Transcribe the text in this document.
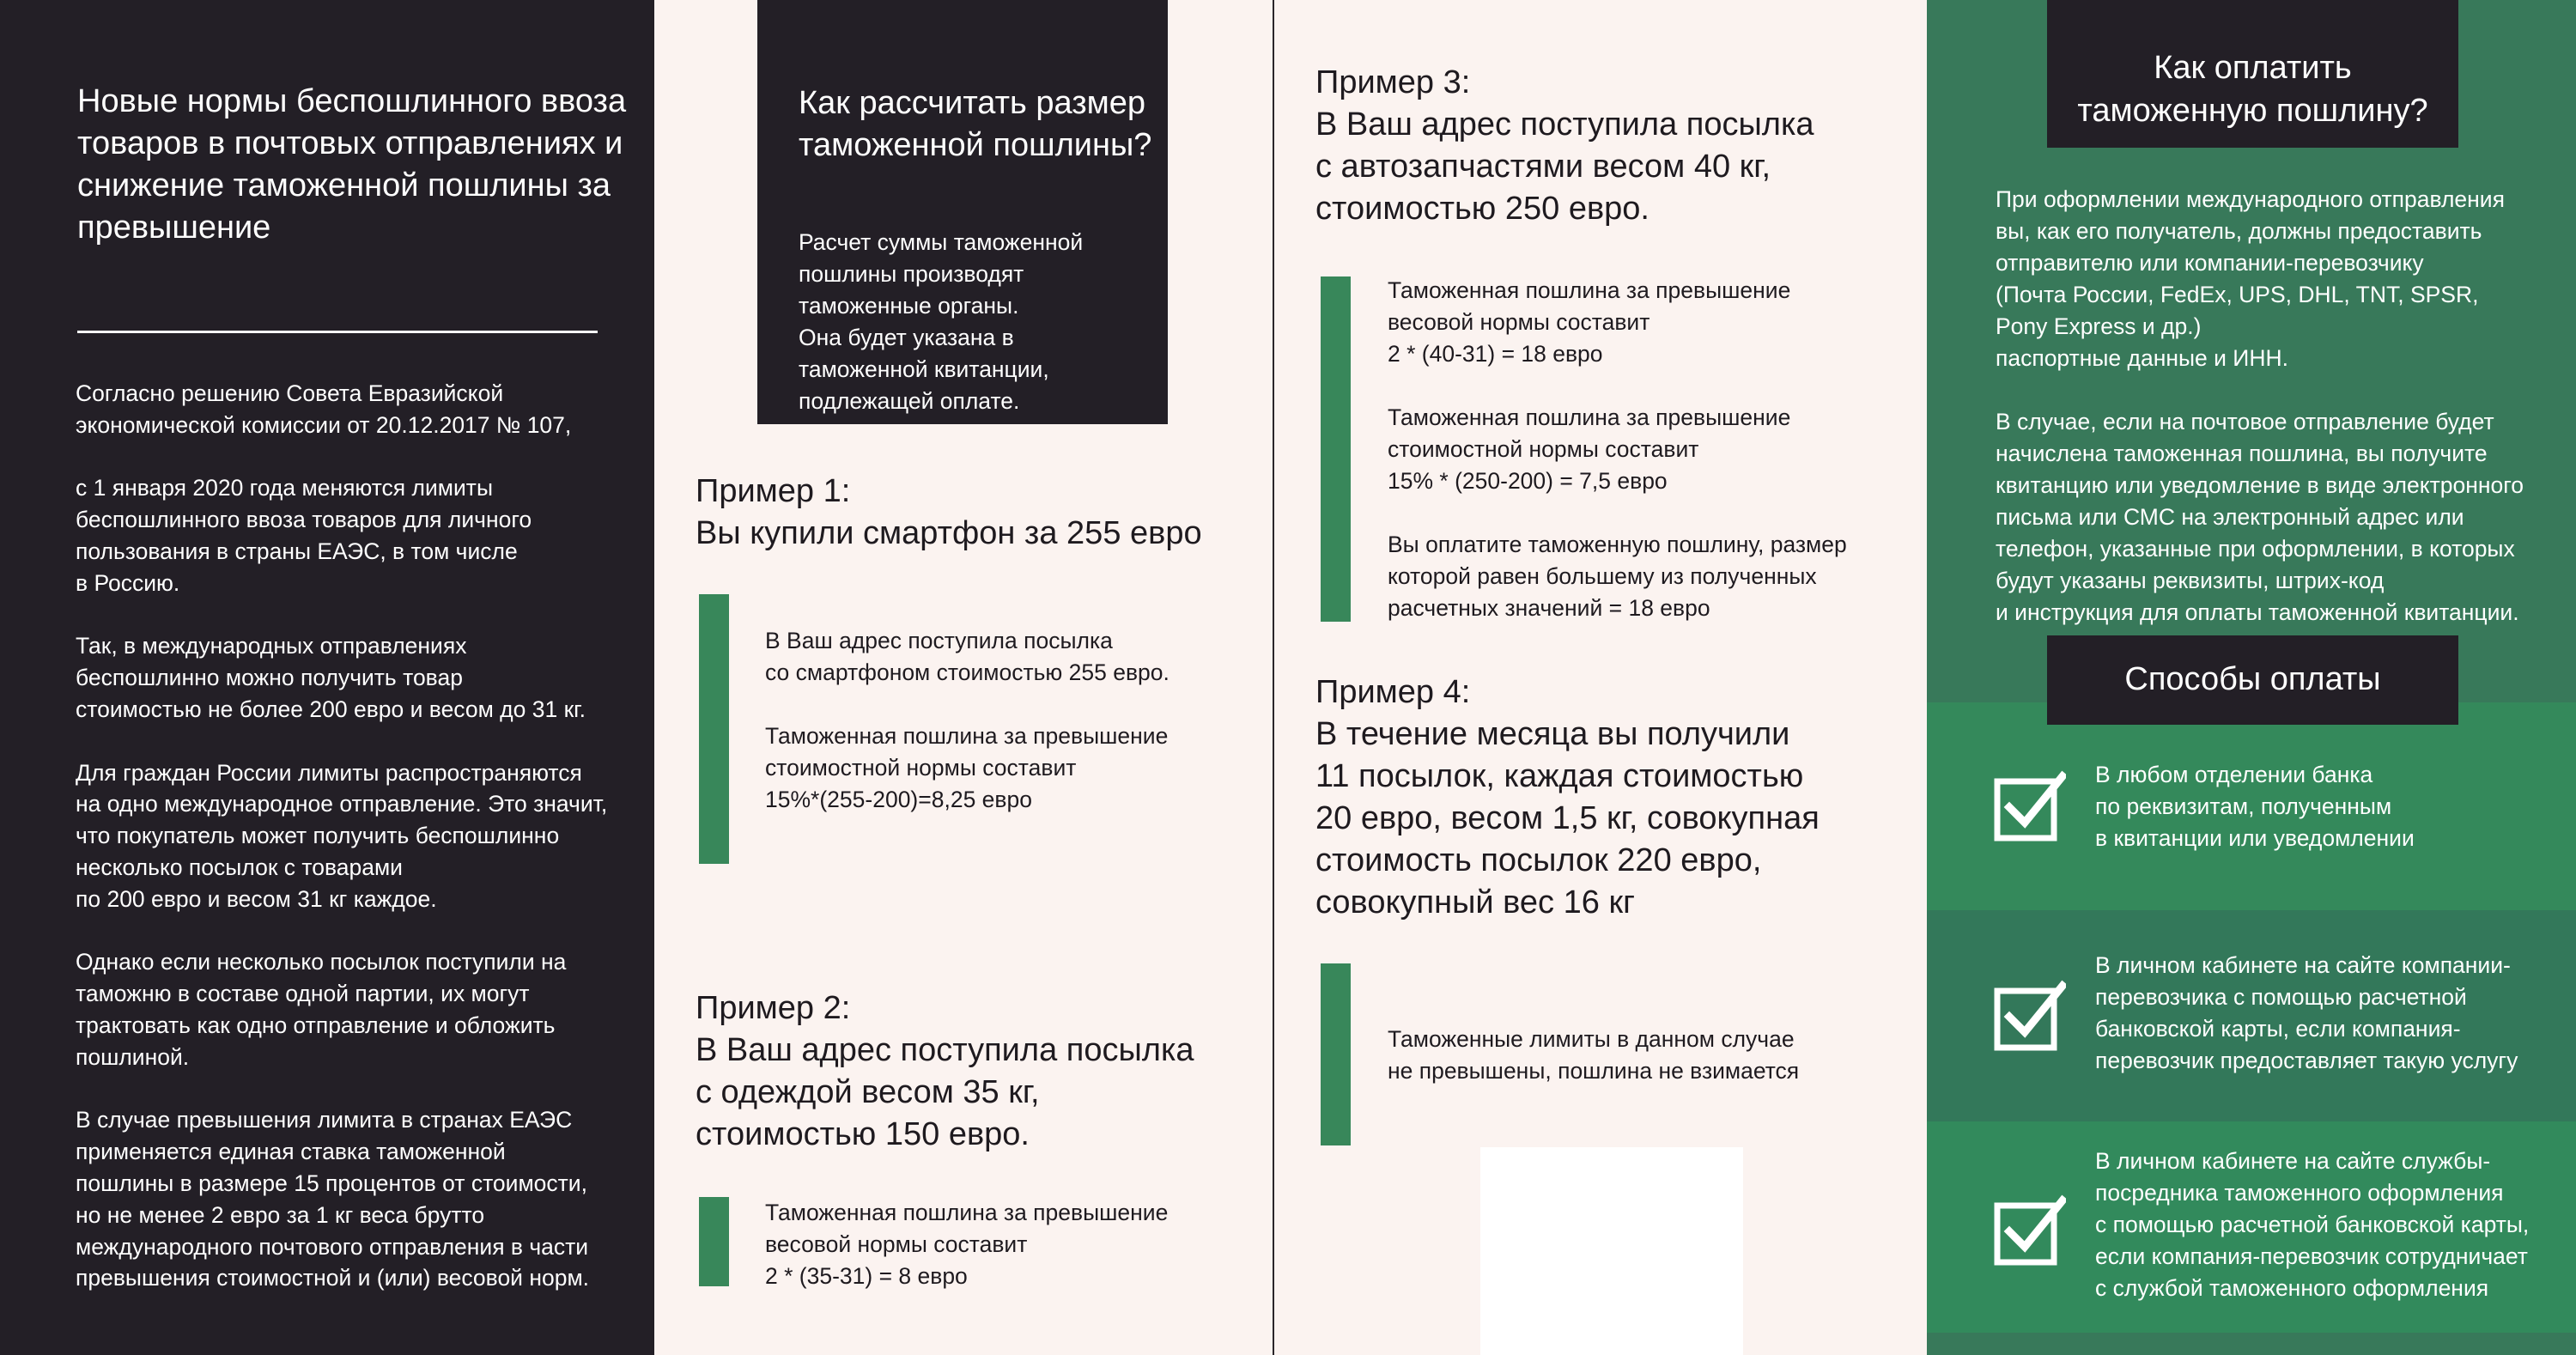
Новые нормы беспошлинного ввоза товаров в почтовых отправлениях и снижение таможенной пошлины за превышение

Согласно решению Совета Евразийской
экономической комиссии от 20.12.2017 № 107,

с 1 января 2020 года меняются лимиты
беспошлинного ввоза товаров для личного
пользования в страны ЕАЭС, в том числе
в Россию.

Так, в международных отправлениях
беспошлинно можно получить товар
стоимостью не более 200 евро и весом до 31 кг.

Для граждан России лимиты распространяются
на одно международное отправление. Это значит,
что покупатель может получить беспошлинно
несколько посылок с товарами
по 200 евро и весом 31 кг каждое.

Однако если несколько посылок поступили на
таможню в составе одной партии, их могут
трактовать как одно отправление и обложить
пошлиной.

В случае превышения лимита в странах ЕАЭС
применяется единая ставка таможенной
пошлины в размере 15 процентов от стоимости,
но не менее 2 евро за 1 кг веса брутто
международного почтового отправления в части
превышения стоимостной и (или) весовой норм.

Как рассчитать размер таможенной пошлины?
Расчет суммы таможенной
пошлины производят
таможенные органы.
Она будет указана в
таможенной квитанции,
подлежащей оплате.
Пример 1:
Вы купили смартфон за 255 евро

В Ваш адрес поступила посылка
со смартфоном стоимостью 255 евро.

Таможенная пошлина за превышение
стоимостной нормы составит
15%*(255-200)=8,25 евро

Пример 2:
В Ваш адрес поступила посылка
с одеждой весом 35 кг,
стоимостью 150 евро.

Таможенная пошлина за превышение
весовой нормы составит
2 * (35-31) = 8 евро

Пример 3:
В Ваш адрес поступила посылка
с автозапчастями весом 40 кг,
стоимостью 250 евро.

Таможенная пошлина за превышение
весовой нормы составит
2 * (40-31) = 18 евро

Таможенная пошлина за превышение
стоимостной нормы составит
15% * (250-200) = 7,5 евро

Вы оплатите таможенную пошлину, размер
которой равен большему из полученных
расчетных значений = 18 евро

Пример 4:
В течение месяца вы получили
11 посылок, каждая стоимостью
20 евро, весом 1,5 кг, совокупная
стоимость посылок 220 евро,
совокупный вес 16 кг

Таможенные лимиты в данном случае
не превышены, пошлина не взимается

Как оплатить
таможенную пошлину?

При оформлении международного отправления
вы, как его получатель, должны предоставить
отправителю или компании-перевозчику
(Почта России, FedEx, UPS, DHL, TNT, SPSR,
Pony Express и др.)
паспортные данные и ИНН.

В случае, если на почтовое отправление будет
начислена таможенная пошлина, вы получите
квитанцию или уведомление в виде электронного
письма или СМС на электронный адрес или
телефон, указанные при оформлении, в которых
будут указаны реквизиты, штрих-код
и инструкция для оплаты таможенной квитанции.

Способы оплаты
В любом отделении банка
по реквизитам, полученным
в квитанции или уведомлении
В личном кабинете на сайте компании-
перевозчика с помощью расчетной
банковской карты, если компания-
перевозчик предоставляет такую услугу
В личном кабинете на сайте службы-
посредника таможенного оформления
с помощью расчетной банковской карты,
если компания-перевозчик сотрудничает
с службой таможенного оформления
